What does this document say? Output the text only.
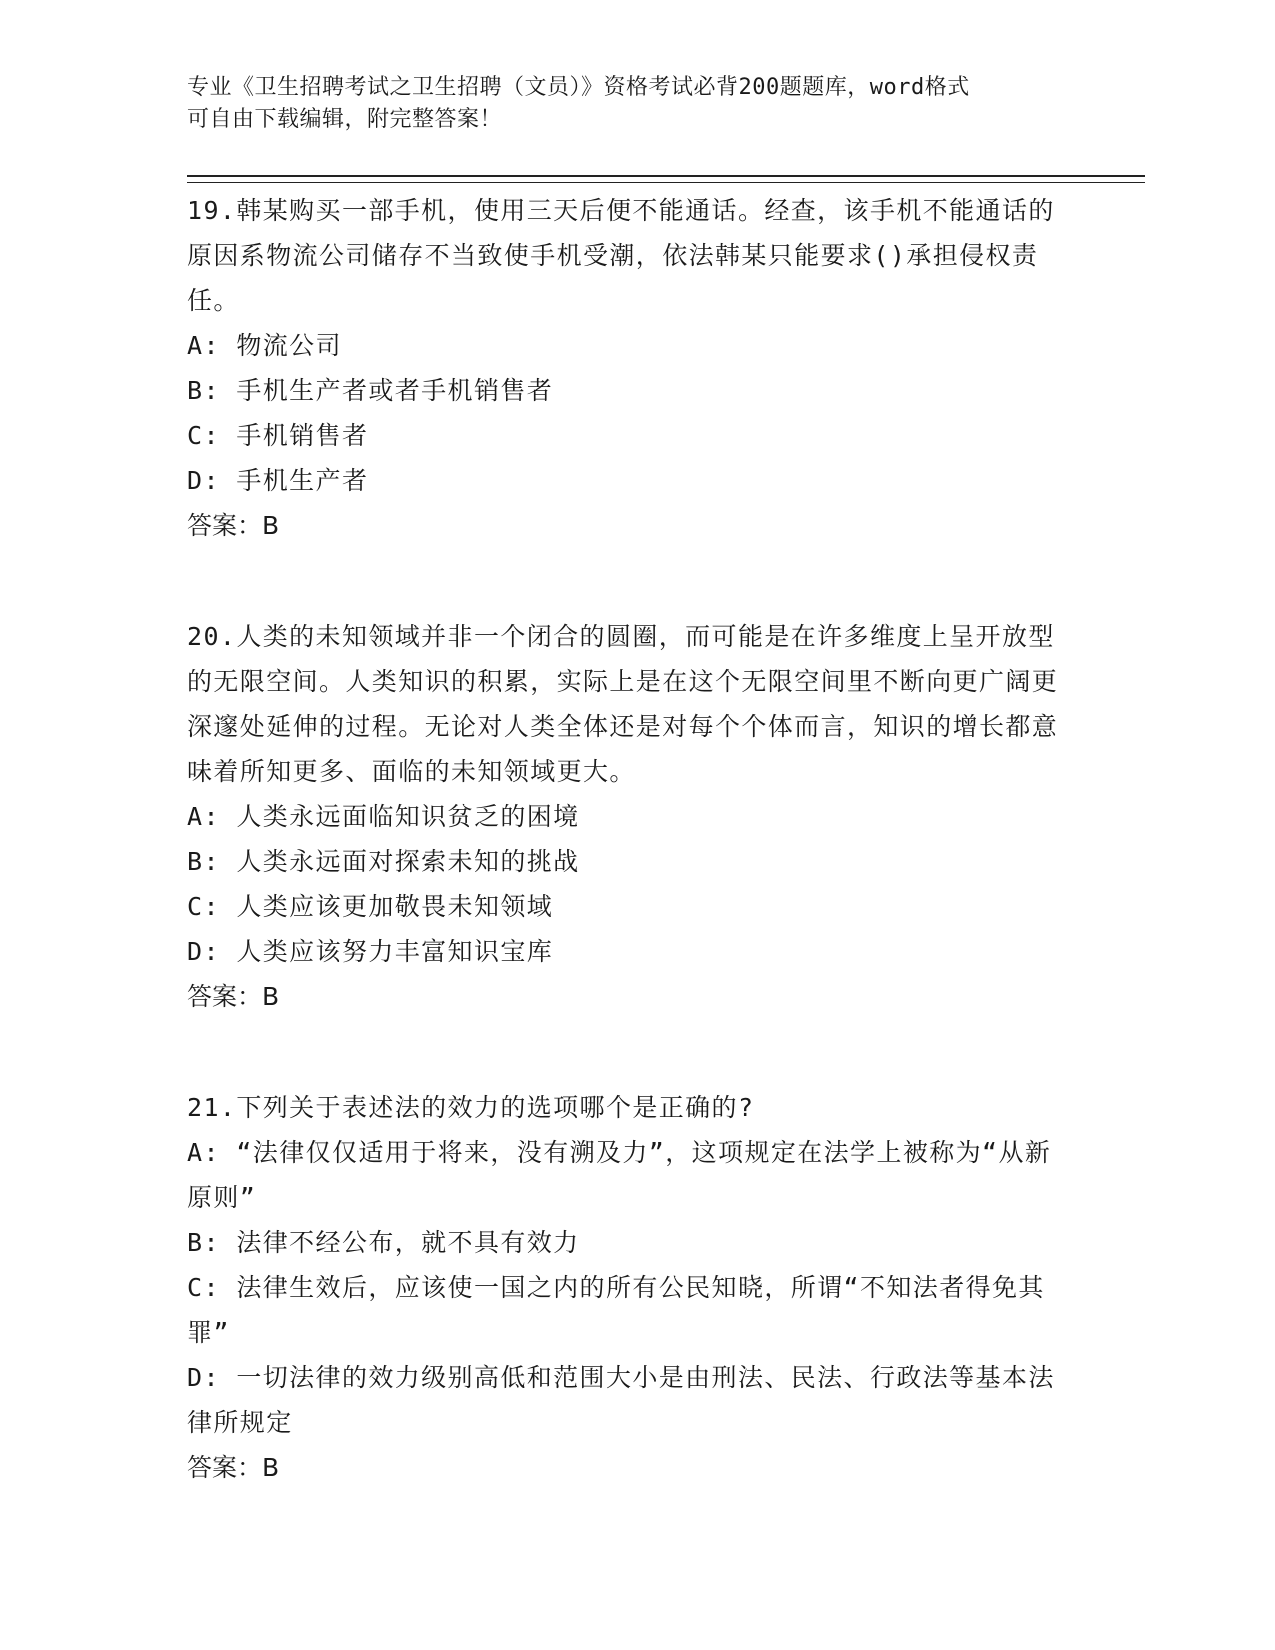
专业《卫生招聘考试之卫生招聘（文员）》资格考试必背200题题库，word格式
可自由下载编辑，附完整答案！

19.韩某购买一部手机，使用三天后便不能通话。经查，该手机不能通话的原因系物流公司储存不当致使手机受潮，依法韩某只能要求()承担侵权责任。

A: 物流公司

B: 手机生产者或者手机销售者

C: 手机销售者

D: 手机生产者

答案：B

20.人类的未知领域并非一个闭合的圆圈，而可能是在许多维度上呈开放型的无限空间。人类知识的积累，实际上是在这个无限空间里不断向更广阔更深邃处延伸的过程。无论对人类全体还是对每个个体而言，知识的增长都意味着所知更多、面临的未知领域更大。

A: 人类永远面临知识贫乏的困境

B: 人类永远面对探索未知的挑战

C: 人类应该更加敬畏未知领域

D: 人类应该努力丰富知识宝库

答案：B

21.下列关于表述法的效力的选项哪个是正确的?

A: “法律仅仅适用于将来，没有溯及力”，这项规定在法学上被称为“从新原则”

B: 法律不经公布，就不具有效力

C: 法律生效后，应该使一国之内的所有公民知晓，所谓“不知法者得免其罪”

D: 一切法律的效力级别高低和范围大小是由刑法、民法、行政法等基本法律所规定

答案：B
